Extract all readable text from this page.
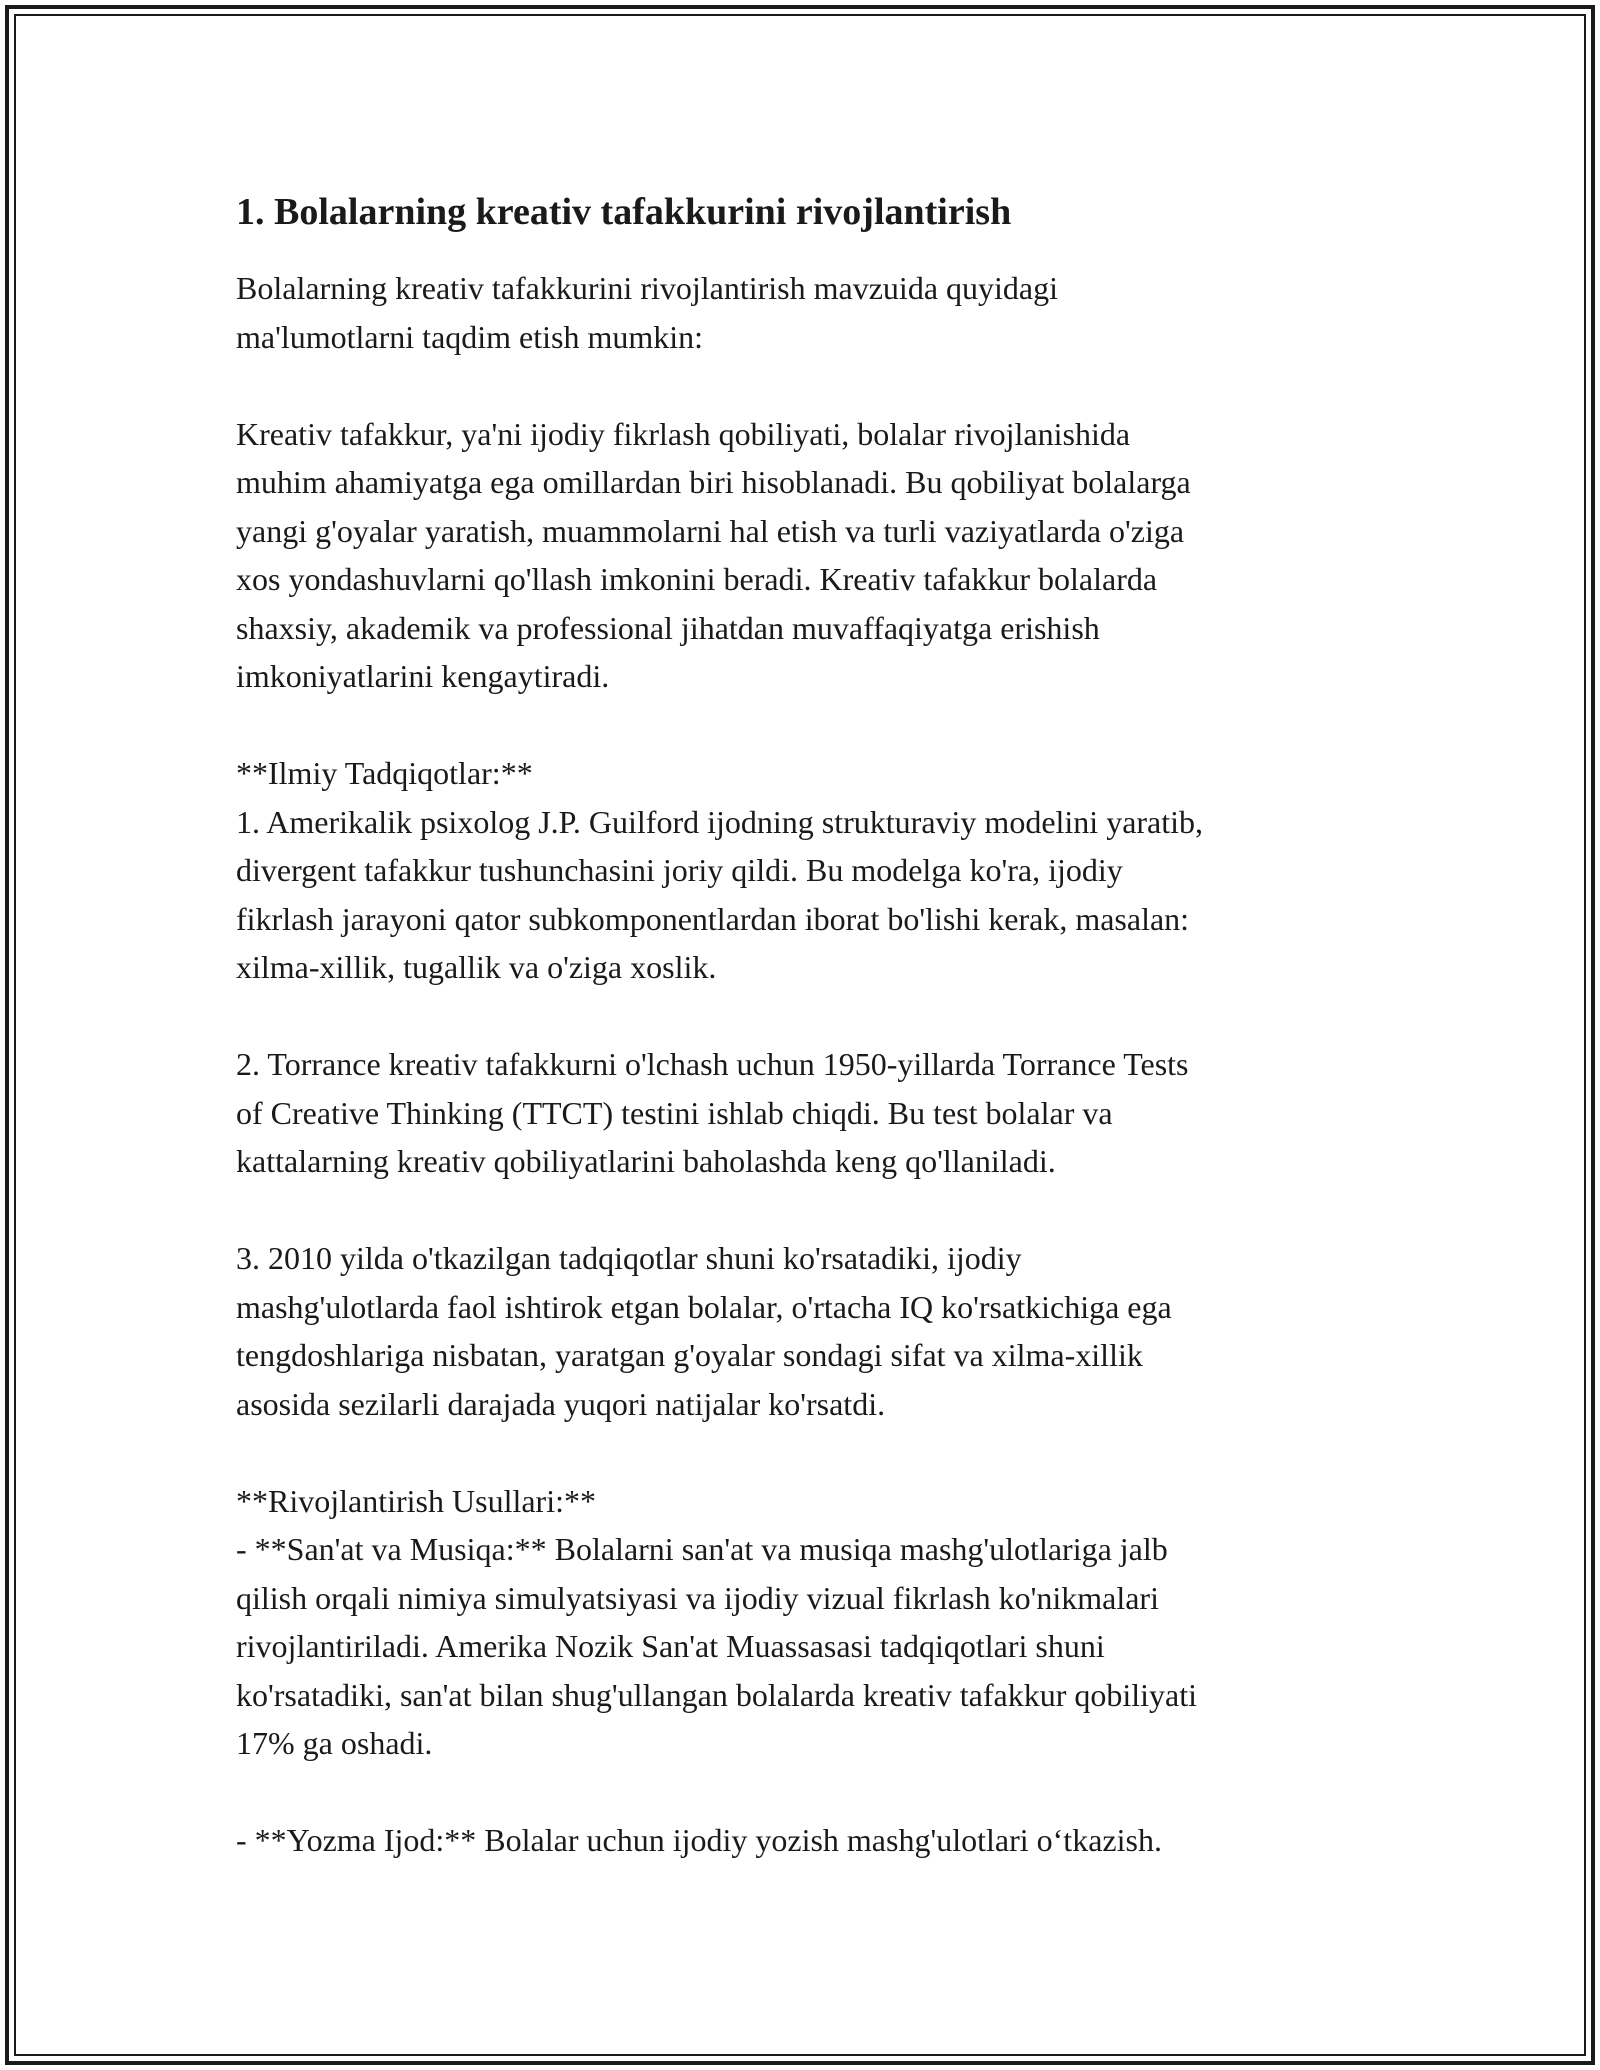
1. Bolalarning kreativ tafakkurini rivojlantirish
Bolalarning kreativ tafakkurini rivojlantirish mavzuida quyidagi
ma'lumotlarni taqdim etish mumkin:
Kreativ tafakkur, ya'ni ijodiy fikrlash qobiliyati, bolalar rivojlanishida
muhim ahamiyatga ega omillardan biri hisoblanadi. Bu qobiliyat bolalarga
yangi g'oyalar yaratish, muammolarni hal etish va turli vaziyatlarda o'ziga
xos yondashuvlarni qo'llash imkonini beradi. Kreativ tafakkur bolalarda
shaxsiy, akademik va professional jihatdan muvaffaqiyatga erishish
imkoniyatlarini kengaytiradi.
**Ilmiy Tadqiqotlar:**
1. Amerikalik psixolog J.P. Guilford ijodning strukturaviy modelini yaratib,
divergent tafakkur tushunchasini joriy qildi. Bu modelga ko'ra, ijodiy
fikrlash jarayoni qator subkomponentlardan iborat bo'lishi kerak, masalan:
xilma-xillik, tugallik va o'ziga xoslik.
2. Torrance kreativ tafakkurni o'lchash uchun 1950-yillarda Torrance Tests
of Creative Thinking (TTCT) testini ishlab chiqdi. Bu test bolalar va
kattalarning kreativ qobiliyatlarini baholashda keng qo'llaniladi.
3. 2010 yilda o'tkazilgan tadqiqotlar shuni ko'rsatadiki, ijodiy
mashg'ulotlarda faol ishtirok etgan bolalar, o'rtacha IQ ko'rsatkichiga ega
tengdoshlariga nisbatan, yaratgan g'oyalar sondagi sifat va xilma-xillik
asosida sezilarli darajada yuqori natijalar ko'rsatdi.
**Rivojlantirish Usullari:**
- **San'at va Musiqa:** Bolalarni san'at va musiqa mashg'ulotlariga jalb
qilish orqali nimiya simulyatsiyasi va ijodiy vizual fikrlash ko'nikmalari
rivojlantiriladi. Amerika Nozik San'at Muassasasi tadqiqotlari shuni
ko'rsatadiki, san'at bilan shug'ullangan bolalarda kreativ tafakkur qobiliyati
17% ga oshadi.
- **Yozma Ijod:** Bolalar uchun ijodiy yozish mashg'ulotlari o‘tkazish.
